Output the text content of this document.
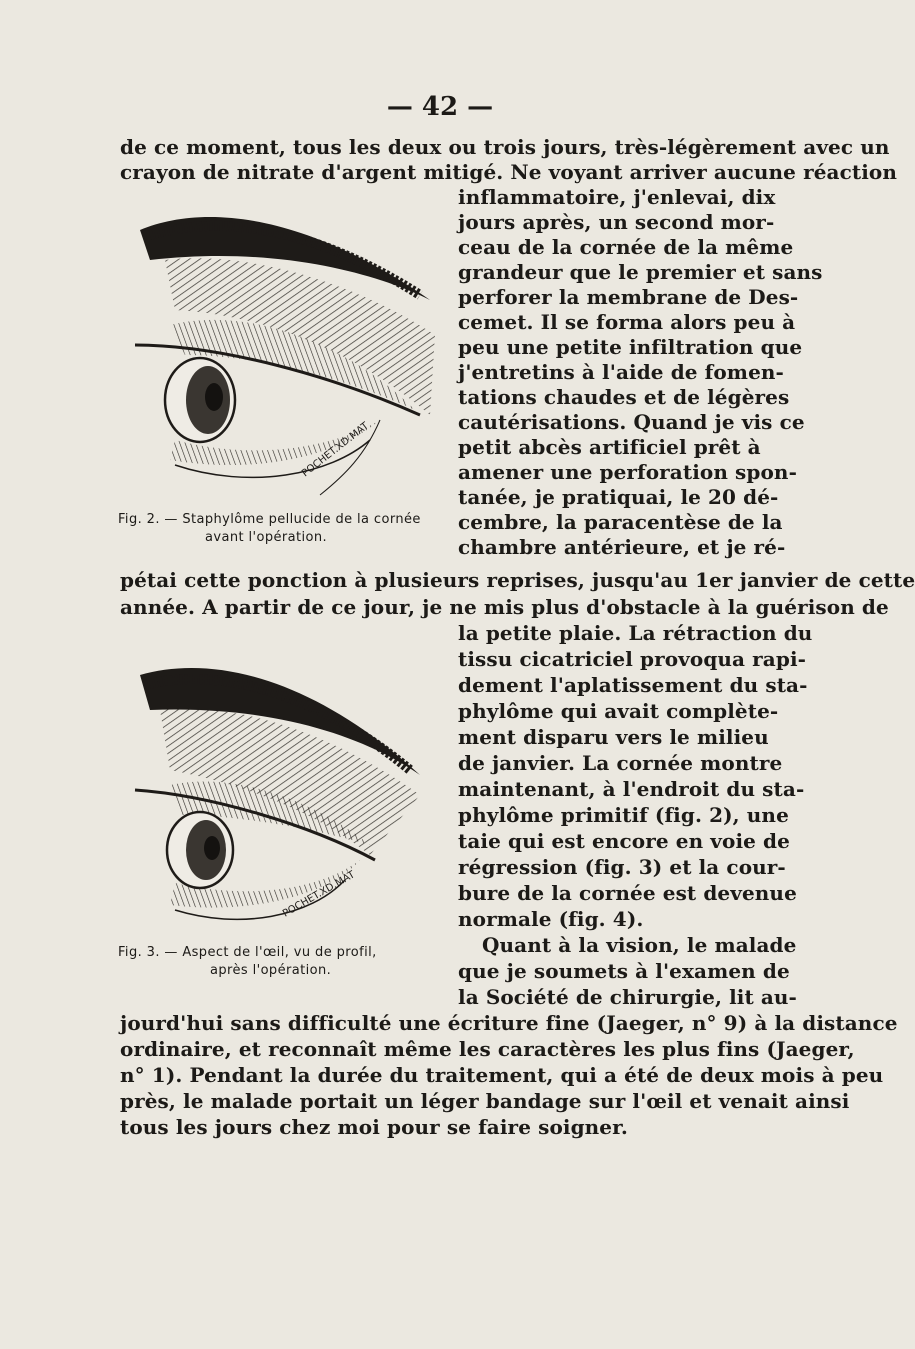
— 42 —
de ce moment, tous les deux ou trois jours, très-légèrement avec un
crayon de nitrate d'argent mitigé. Ne voyant arriver aucune réaction
inflammatoire, j'enlevai, dix
jours après, un second mor-
ceau de la cornée de la même
grandeur que le premier et sans
perforer la membrane de Des-
cemet. Il se forma alors peu à
peu une petite infiltration que
j'entretins à l'aide de fomen-
tations chaudes et de légères
cautérisations. Quand je vis ce
petit abcès artificiel prêt à
amener une perforation spon-
tanée, je pratiquai, le 20 dé-
cembre, la paracentèse de la
chambre antérieure, et je ré-
POCHET.XD.MAT
Fig. 2. — Staphylôme pellucide de la cornée
avant l'opération.
pétai cette ponction à plusieurs reprises, jusqu'au 1er janvier de cette
année. A partir de ce jour, je ne mis plus d'obstacle à la guérison de
la petite plaie. La rétraction du
tissu cicatriciel provoqua rapi-
dement l'aplatissement du sta-
phylôme qui avait complète-
ment disparu vers le milieu
de janvier. La cornée montre
maintenant, à l'endroit du sta-
phylôme primitif (fig. 2), une
taie qui est encore en voie de
régression (fig. 3) et la cour-
bure de la cornée est devenue
normale (fig. 4).
POCHET.XD.MAT
Fig. 3. — Aspect de l'œil, vu de profil,
après l'opération.
Quant à la vision, le malade
que je soumets à l'examen de
la Société de chirurgie, lit au-
jourd'hui sans difficulté une écriture fine (Jaeger, n° 9) à la distance
ordinaire, et reconnaît même les caractères les plus fins (Jaeger,
n° 1). Pendant la durée du traitement, qui a été de deux mois à peu
près, le malade portait un léger bandage sur l'œil et venait ainsi
tous les jours chez moi pour se faire soigner.
